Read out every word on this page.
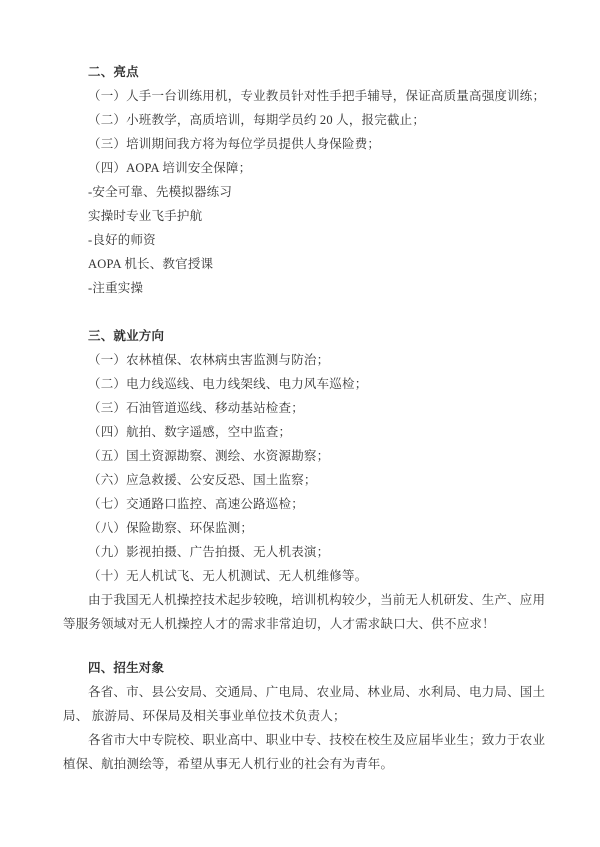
二、亮点
（一）人手一台训练用机，专业教员针对性手把手辅导，保证高质量高强度训练；
（二）小班教学，高质培训，每期学员约 20 人，报完截止；
（三）培训期间我方将为每位学员提供人身保险费；
（四）AOPA 培训安全保障；
-安全可靠、先模拟器练习
实操时专业飞手护航
-良好的师资
AOPA 机长、教官授课
-注重实操
三、就业方向
（一）农林植保、农林病虫害监测与防治；
（二）电力线巡线、电力线架线、电力风车巡检；
（三）石油管道巡线、移动基站检查；
（四）航拍、数字遥感，空中监查；
（五）国土资源勘察、测绘、水资源勘察；
（六）应急救援、公安反恐、国土监察；
（七）交通路口监控、高速公路巡检；
（八）保险勘察、环保监测；
（九）影视拍摄、广告拍摄、无人机表演；
（十）无人机试飞、无人机测试、无人机维修等。
由于我国无人机操控技术起步较晚，培训机构较少，当前无人机研发、生产、应用
等服务领域对无人机操控人才的需求非常迫切，人才需求缺口大、供不应求！
四、招生对象
各省、市、县公安局、交通局、广电局、农业局、林业局、水利局、电力局、国土
局、 旅游局、环保局及相关事业单位技术负责人；
各省市大中专院校、职业高中、职业中专、技校在校生及应届毕业生；致力于农业
植保、航拍测绘等，希望从事无人机行业的社会有为青年。
